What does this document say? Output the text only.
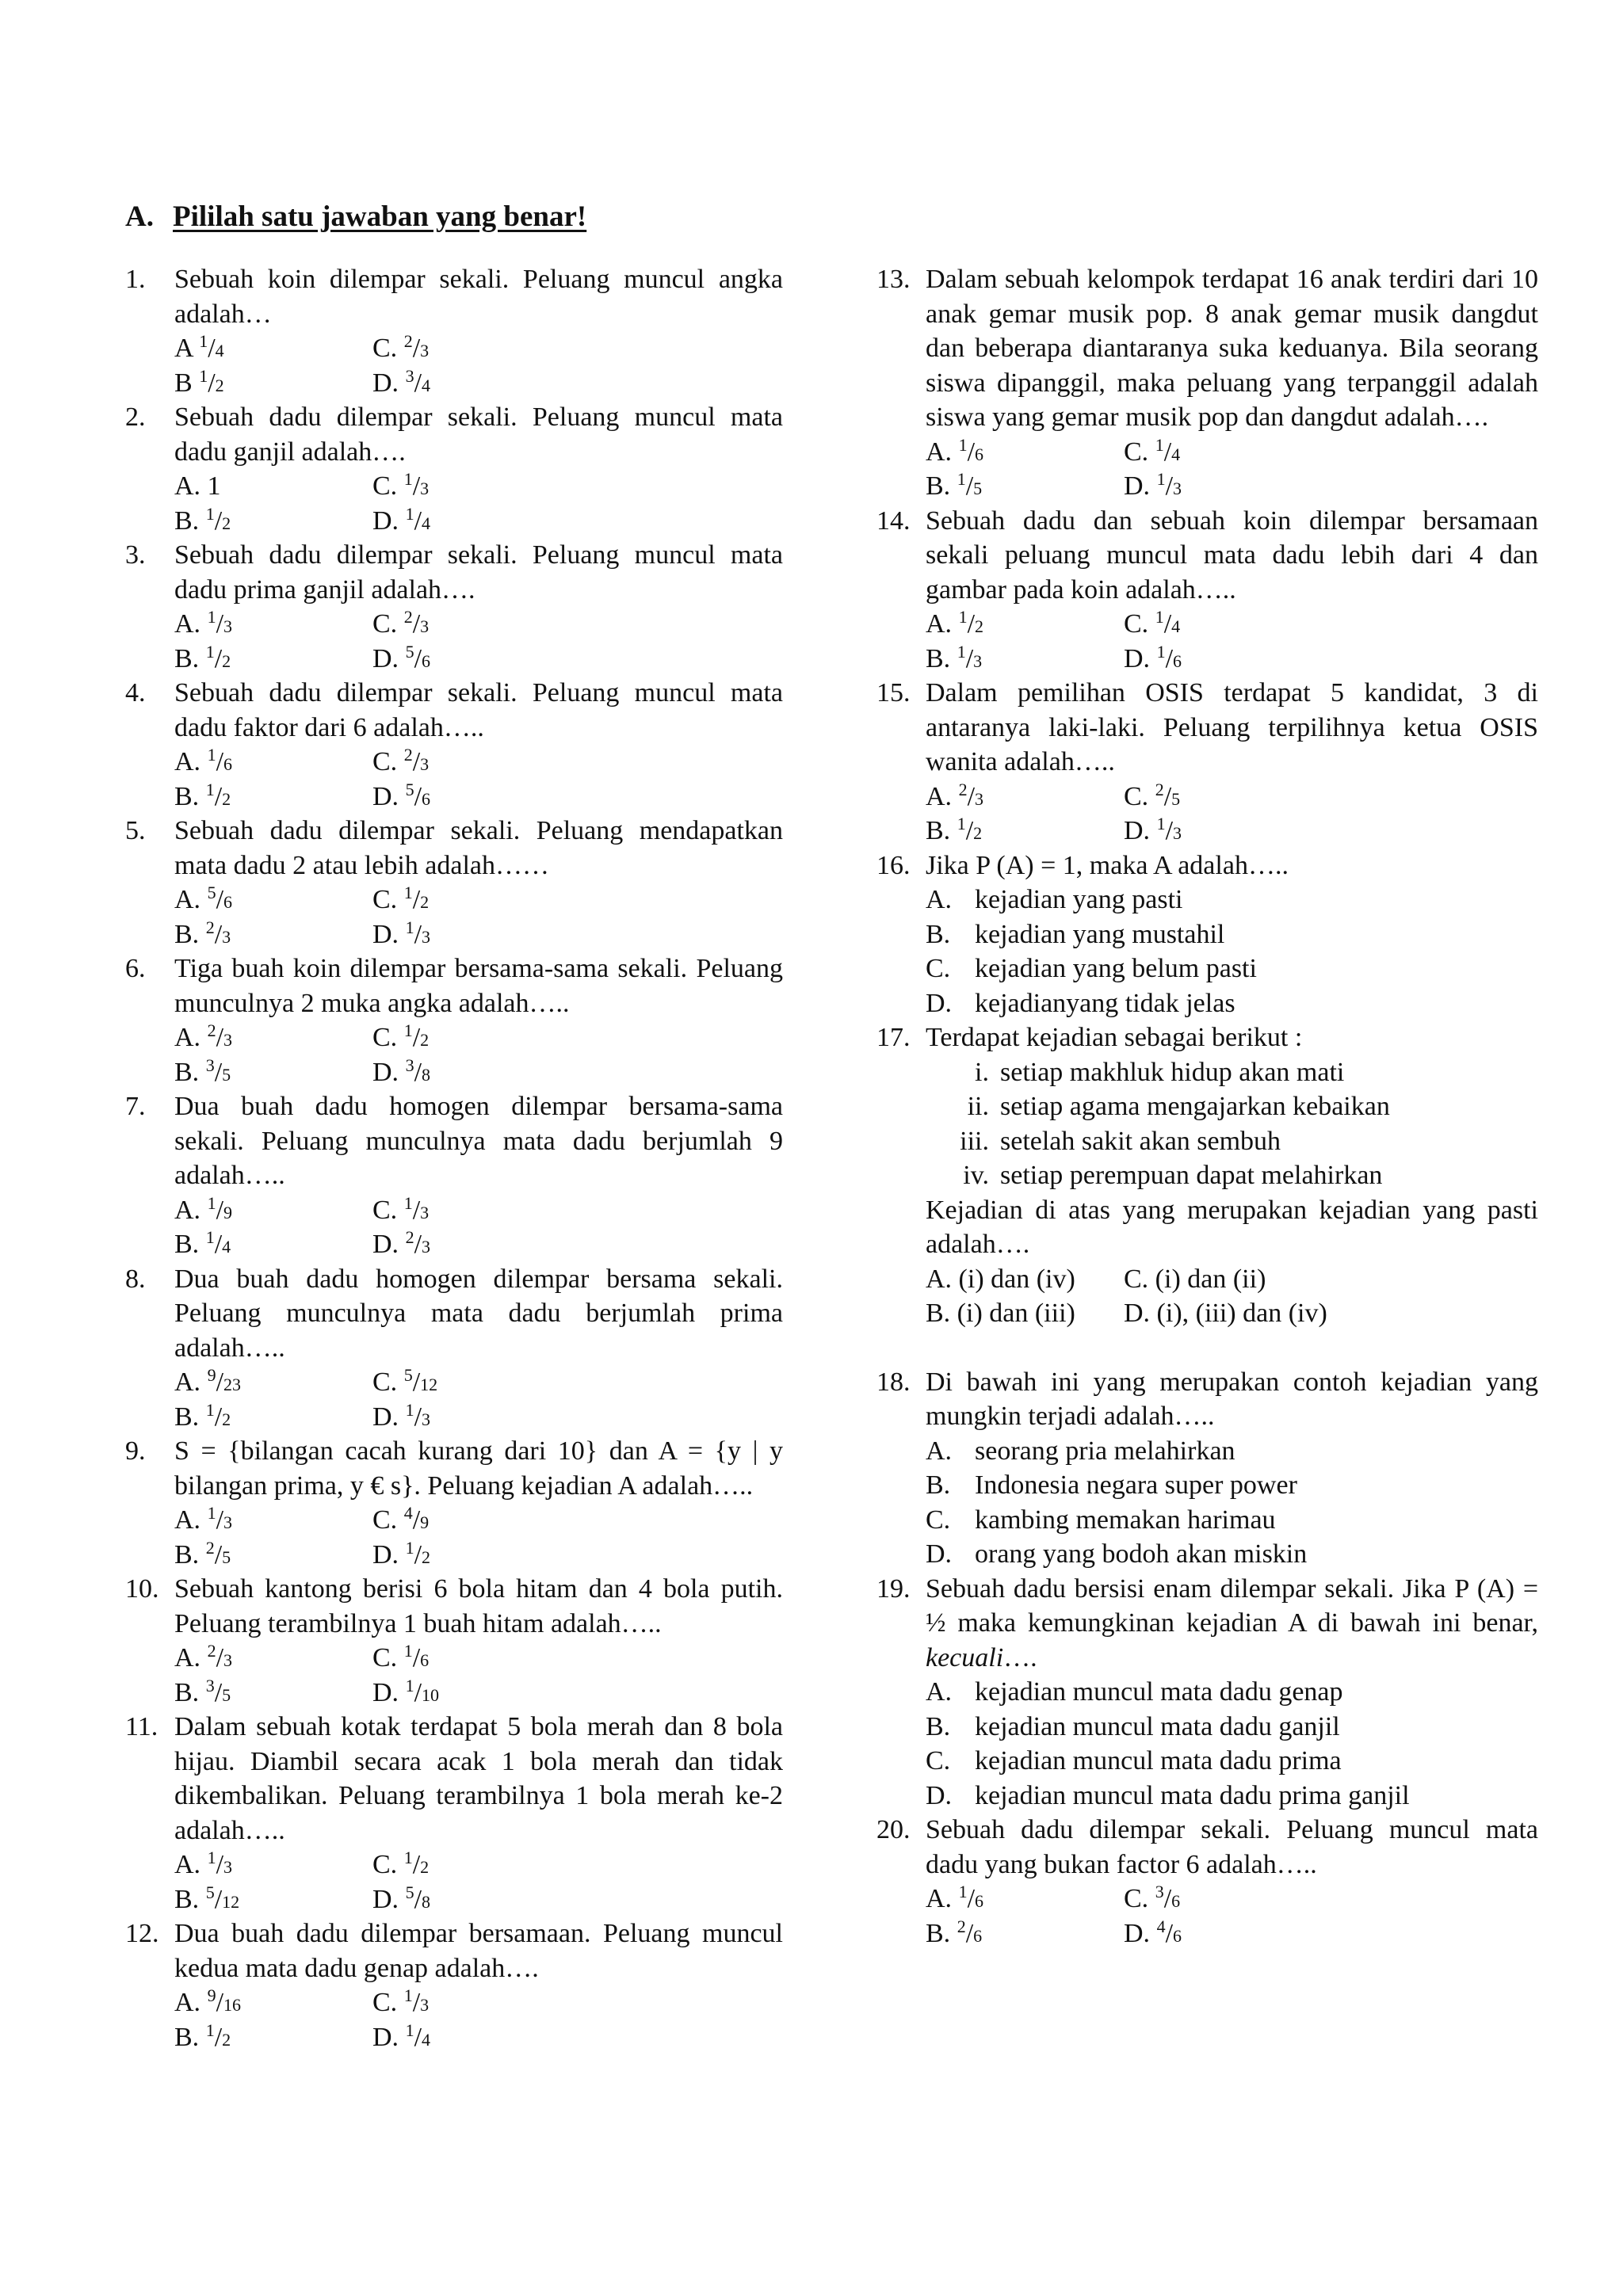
A. Pililah satu jawaban yang benar!
1.	Sebuah koin dilempar sekali. Peluang muncul angka adalah…
A $^1$/4	C. $^2$/3
B $^1$/2	D. $^3$/4
2.	Sebuah dadu dilempar sekali. Peluang muncul mata dadu ganjil adalah….
A. 1	C. $^1$/3
B. $^1$/2	D. $^1$/4
3.	Sebuah dadu dilempar sekali. Peluang muncul mata dadu prima ganjil adalah….
A. $^1$/3	C. $^2$/3
B. $^1$/2	D. $^5$/6
4.	Sebuah dadu dilempar sekali. Peluang muncul mata dadu faktor dari 6 adalah…..
A. $^1$/6	C. $^2$/3
B. $^1$/2	D. $^5$/6
5.	Sebuah dadu dilempar sekali. Peluang mendapatkan mata dadu 2 atau lebih adalah……
A. $^5$/6	C. $^1$/2
B. $^2$/3	D. $^1$/3
6.	Tiga buah koin dilempar bersama-sama sekali. Peluang munculnya 2 muka angka adalah…..
A. $^2$/3	C. $^1$/2
B. $^3$/5	D. $^3$/8
7.	Dua buah dadu homogen dilempar bersama-sama sekali. Peluang munculnya mata dadu berjumlah 9 adalah…..
A. $^1$/9	C. $^1$/3
B. $^1$/4	D. $^2$/3
8.	Dua buah dadu homogen dilempar bersama sekali. Peluang munculnya mata dadu berjumlah prima adalah…..
A. $^9$/23	C. $^5$/12
B. $^1$/2	D. $^1$/3
9.	S = {bilangan cacah kurang dari 10} dan A = {y | y bilangan prima, y € s}. Peluang kejadian A adalah…..
A. $^1$/3	C. $^4$/9
B. $^2$/5	D. $^1$/2
10. Sebuah kantong berisi 6 bola hitam dan 4 bola putih. Peluang terambilnya 1 buah hitam adalah…..
A. $^2$/3	C. $^1$/6
B. $^3$/5	D. $^1$/10
11. Dalam sebuah kotak terdapat 5 bola merah dan 8 bola hijau. Diambil secara acak 1 bola merah dan tidak dikembalikan. Peluang terambilnya 1 bola merah ke-2 adalah…..
A. $^1$/3	C. $^1$/2
B. $^5$/12	D. $^5$/8
12. Dua buah dadu dilempar bersamaan. Peluang muncul kedua mata dadu genap adalah….
A. $^9$/16	C. $^1$/3
B. $^1$/2	D. $^1$/4
13. Dalam sebuah kelompok terdapat 16 anak terdiri dari 10 anak gemar musik pop. 8 anak gemar musik dangdut dan beberapa diantaranya suka keduanya. Bila seorang siswa dipanggil, maka peluang yang terpanggil adalah siswa yang gemar musik pop dan dangdut adalah….
A. $^1$/6	C. $^1$/4
B. $^1$/5	D. $^1$/3
14. Sebuah dadu dan sebuah koin dilempar bersamaan sekali peluang muncul mata dadu lebih dari 4 dan gambar pada koin adalah…..
A. $^1$/2	C. $^1$/4
B. $^1$/3	D. $^1$/6
15. Dalam pemilihan OSIS terdapat 5 kandidat, 3 di antaranya laki-laki. Peluang terpilihnya ketua OSIS wanita adalah…..
A. $^2$/3	C. $^2$/5
B. $^1$/2	D. $^1$/3
16. Jika P (A) = 1, maka A adalah…..
A. kejadian yang pasti
B. kejadian yang mustahil
C. kejadian yang belum pasti
D. kejadianyang tidak jelas
17. Terdapat kejadian sebagai berikut :
i. setiap makhluk hidup akan mati
ii. setiap agama mengajarkan kebaikan
iii. setelah sakit akan sembuh
iv. setiap perempuan dapat melahirkan
Kejadian di atas yang merupakan kejadian yang pasti adalah….
A. (i) dan (iv)	C. (i) dan (ii)
B. (i) dan (iii)	D. (i), (iii) dan (iv)
18. Di bawah ini yang merupakan contoh kejadian yang mungkin terjadi adalah…..
A. seorang pria melahirkan
B. Indonesia negara super power
C. kambing memakan harimau
D. orang yang bodoh akan miskin
19. Sebuah dadu bersisi enam dilempar sekali. Jika P (A) = ½ maka kemungkinan kejadian A di bawah ini benar, kecuali….
A. kejadian muncul mata dadu genap
B. kejadian muncul mata dadu ganjil
C. kejadian muncul mata dadu prima
D. kejadian muncul mata dadu prima ganjil
20. Sebuah dadu dilempar sekali. Peluang muncul mata dadu yang bukan factor 6 adalah…..
A. $^1$/6	C. $^3$/6
B. $^2$/6	D. $^4$/6
